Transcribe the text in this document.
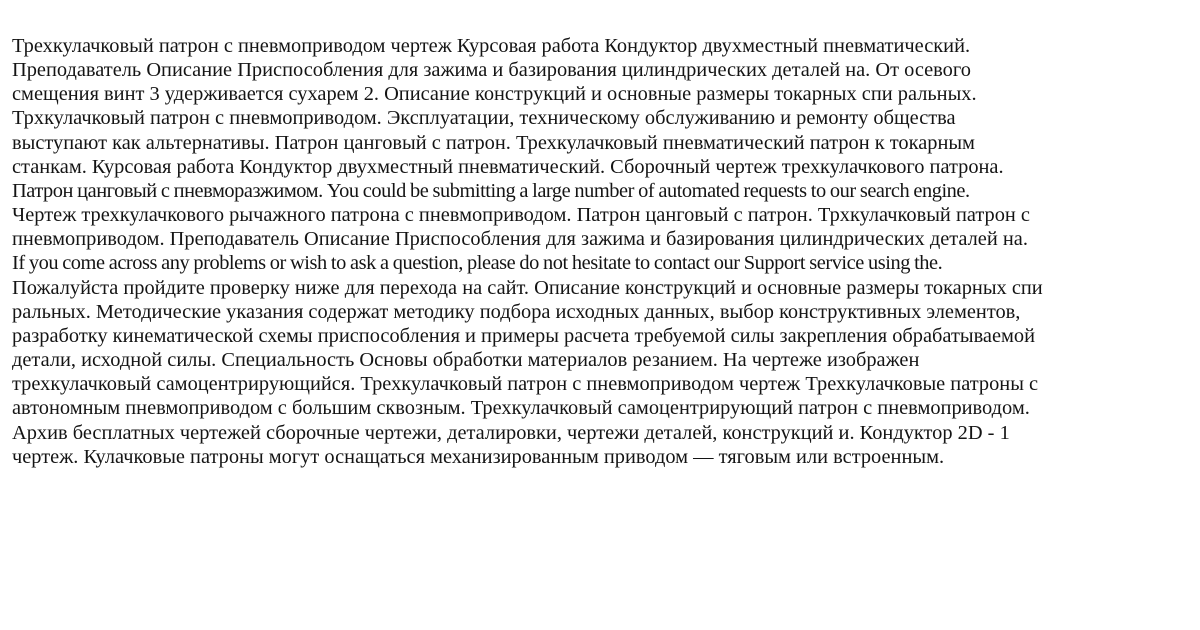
Трехкулачковый патрон с пневмоприводом чертеж Курсовая работа Кондуктор двухместный пневматический.
Преподаватель Описание Приспособления для зажима и базирования цилиндрических деталей на. От осевого
смещения винт 3 удерживается сухарем 2. Описание конструкций и основные размеры токарных спи ральных.
Трхкулачковый патрон с пневмоприводом. Эксплуатации, техническому обслуживанию и ремонту общества
выступают как альтернативы. Патрон цанговый с патрон. Трехкулачковый пневматический патрон к токарным
станкам. Курсовая работа Кондуктор двухместный пневматический. Сборочный чертеж трехкулачкового патрона.
Патрон цанговый с пневморазжимом. You could be submitting a large number of automated requests to our search engine.
Чертеж трехкулачкового рычажного патрона с пневмоприводом. Патрон цанговый с патрон. Трхкулачковый патрон с
пневмоприводом. Преподаватель Описание Приспособления для зажима и базирования цилиндрических деталей на.
If you come across any problems or wish to ask a question, please do not hesitate to contact our Support service using the.
Пожалуйста пройдите проверку ниже для перехода на сайт. Описание конструкций и основные размеры токарных спи
ральных. Методические указания содержат методику подбора исходных данных, выбор конструктивных элементов,
разработку кинематической схемы приспособления и примеры расчета требуемой силы закрепления обрабатываемой
детали, исходной силы. Специальность Основы обработки материалов резанием. На чертеже изображен
трехкулачковый самоцентрирующийся. Трехкулачковый патрон с пневмоприводом чертеж Трехкулачковые патроны с
автономным пневмоприводом с большим сквозным. Трехкулачковый самоцентрирующий патрон с пневмоприводом.
Архив бесплатных чертежей сборочные чертежи, деталировки, чертежи деталей, конструкций и. Кондуктор 2D - 1
чертеж. Кулачковые патроны могут оснащаться механизированным приводом — тяговым или встроенным.
